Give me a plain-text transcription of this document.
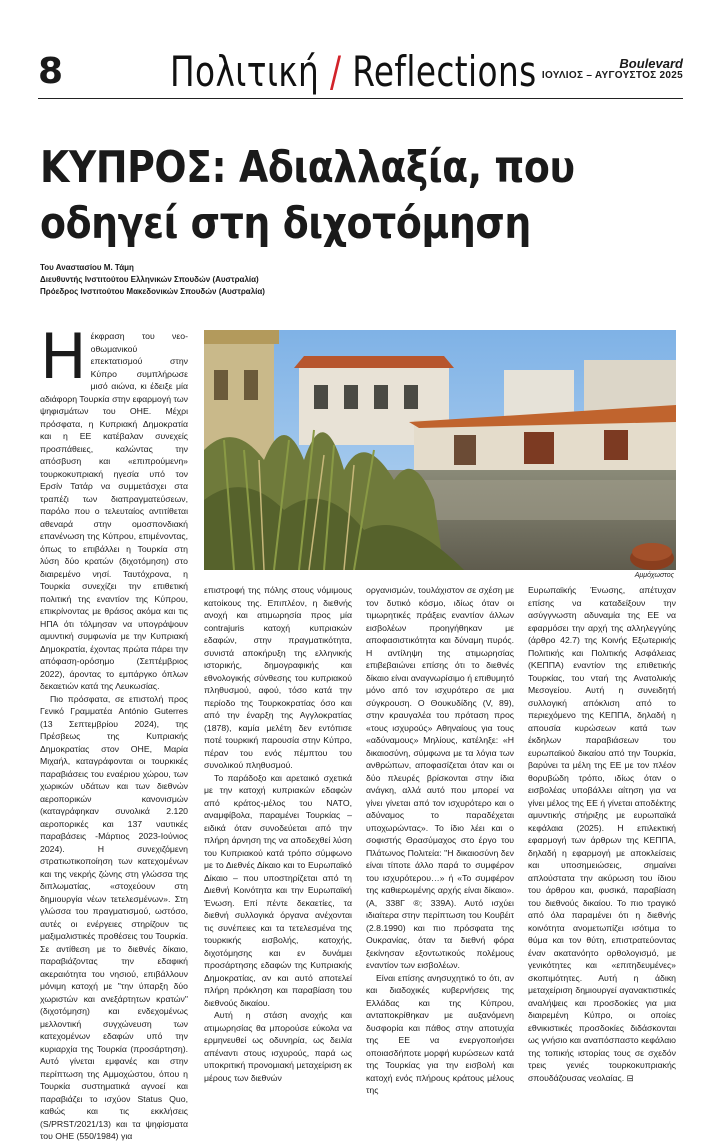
8	Πολιτική / Reflections	Boulevard
ΙΟΥΛΙΟΣ – ΑΥΓΟΥΣΤΟΣ 2025
ΚΥΠΡΟΣ: Αδιαλλαξία, που οδηγεί στη διχοτόμηση
Του Αναστασίου Μ. Τάμη
Διευθυντής Ινστιτούτου Ελληνικών Σπουδών (Αυστραλία)
Πρόεδρος Ινστιτούτου Μακεδονικών Σπουδών (Αυστραλία)
Η έκφραση του νεο-οθωμανικού επεκτατισμού στην Κύπρο συμπλήρωσε μισό αιώνα, κι έδειξε μία αδιάφορη Τουρκία στην εφαρμογή των ψηφισμάτων του ΟΗΕ. Μέχρι πρόσφατα, η Κυπριακή Δημοκρατία και η ΕΕ κατέβαλαν συνεχείς προσπάθειες, καλώντας την απόσβυση και «επιπρούμενη» τουρκοκυπριακή ηγεσία υπό τον Ερσίν Τατάρ να συμμετάσχει στα τραπέζι των διαπραγματεύσεων, παρόλο που ο τελευταίος αντιτίθεται αθεναρά στην ομοσπονδιακή επανένωση της Κύπρου, επιμένοντας, όπως το επιβάλλει η Τουρκία στη λύση δύο κρατών (διχοτόμηση) στο διαιρεμένο νησί. Ταυτόχρονα, η Τουρκία συνεχίζει την επιθετική πολιτική της εναντίον της Κύπρου, επικρίνοντας με θράσος ακόμα και τις ΗΠΑ ότι τόλμησαν να υπογράψουν αμυντική συμφωνία με την Κυπριακή Δημοκρατία, έχοντας πρώτα πάρει την απόφαση-ορόσημο (Σεπτέμβριος 2022), άροντας το εμπάργκο όπλων δεκαετιών κατά της Λευκωσίας.

Πιο πρόσφατα, σε επιστολή προς Γενικό Γραμματέα António Guterres (13 Σεπτεμβρίου 2024), της Πρέσβεως της Κυπριακής Δημοκρατίας στον ΟΗΕ, Μαρία Μιχαήλ, καταγράφονται οι τουρκικές παραβιάσεις του εναέριου χώρου, των χωρικών υδάτων και των διεθνών αεροπορικών κανονισμών (καταγράφηκαν συνολικά 2.120 αεροπορικές και 137 ναυτικές παραβάσεις -Μάρτιος 2023-Ιούνιος 2024). Η συνεχιζόμενη στρατιωτικοποίηση των κατεχομένων και της νεκρής ζώνης στη γλώσσα της διπλωματίας, «στοχεύουν στη δημιουργία νέων τετελεσμένων». Στη γλώσσα του πραγματισμού, ωστόσο, αυτές οι ενέργειες στηρίζουν τις μαξιμαλιστικές προθέσεις του Τουρκία. Σε αντίθεση με το διεθνές δίκαιο, παραβιάζοντας την εδαφική ακεραιότητα του νησιού, επιβάλλουν μόνιμη κατοχή με "την ύπαρξη δύο χωριστών και ανεξάρτητων κρατών" (διχοτόμηση) και ενδεχομένως μελλοντική συγχώνευση των κατεχομένων εδαφών υπό την κυριαρχία της Τουρκία (προσάρτηση). Αυτό γίνεται εμφανές και στην περίπτωση της Αμμοχώστου, όπου η Τουρκία συστηματικά αγνοεί και παραβιάζει το ισχύον Status Quo, καθώς και τις εκκλήσεις (S/PRST/2021/13) και τα ψηφίσματα του ΟΗΕ (550/1984) για

Αμμόχωστος

επιστροφή της πόλης στους νόμιμους κατοίκους της. Επιπλέον, η διεθνής ανοχή και ατιμωρησία προς μία contrajuris κατοχή κυπριακών εδαφών, στην πραγματικότητα, συνιστά αποκήρυξη της ελληνικής ιστορικής, δημογραφικής και εθνολογικής σύνθεσης του κυπριακού πληθυσμού, αφού, τόσο κατά την περίοδο της Τουρκοκρατίας όσο και από την έναρξη της Αγγλοκρατίας (1878), καμία μελέτη δεν εντόπισε ποτέ τουρκική παρουσία στην Κύπρο, πέραν του ενός πέμπτου του συνολικού πληθυσμού.

Το παράδοξο και αρεταικό σχετικά με την κατοχή κυπριακών εδαφών από κράτος-μέλος του ΝΑΤΟ, αναμφίβολα, παραμένει Τουρκίας – ειδικά όταν συνοδεύεται από την πλήρη άρνηση της να αποδεχθεί λύση του Κυπριακού κατά τρόπο σύμφωνο με το Διεθνές Δίκαιο και το Ευρωπαϊκό Δίκαιο – που υποστηρίζεται από τη Διεθνή Κοινότητα και την Ευρωπαϊκή Ένωση. Επί πέντε δεκαετίες, τα διεθνή συλλογικά όργανα ανέχονται τις συνέπειες και τα τετελεσμένα της τουρκικής εισβολής, κατοχής, διχοτόμησης και εν δυνάμει προσάρτησης εδαφών της Κυπριακής Δημοκρατίας, αν και αυτό αποτελεί πλήρη πρόκληση και παραβίαση του διεθνούς δικαίου.

Αυτή η στάση ανοχής και ατιμωρησίας θα μπορούσε εύκολα να ερμηνευθεί ως οδυνηρία, ως δειλία απέναντι στους ισχυρούς, παρά ως υποκριτική προνομιακή μεταχείριση εκ μέρους των διεθνών

οργανισμών, τουλάχιστον σε σχέση με τον δυτικό κόσμο, ιδίως όταν οι τιμωρητικές πράξεις εναντίον άλλων εισβολέων προηγήθηκαν με αποφασιστικότητα και δύναμη πυρός. Η αντίληψη της ατιμωρησίας επιβεβαιώνει επίσης ότι το διεθνές δίκαιο είναι αναγνωρίσιμο ή επιθυμητό μόνο από τον ισχυρότερο σε μια σύγκρουση. Ο Θουκυδίδης (V, 89), στην κραυγαλέα του πρόταση προς «τους ισχυρούς» Αθηναίους για τους «αδύναμους» Μηλίους, κατέληξε: «Η δικαιοσύνη, σύμφωνα με τα λόγια των ανθρώπων, αποφασίζεται όταν και οι δύο πλευρές βρίσκονται στην ίδια ανάγκη, αλλά αυτό που μπορεί να γίνει γίνεται από τον ισχυρότερο και ο αδύναμος το παραδέχεται υποχωρώντας». Το ίδιο λέει και ο σοφιστής Θρασύμαχος στο έργο του Πλάτωνος Πολιτεία: "Η δικαιοσύνη δεν είναι τίποτε άλλο παρά το συμφέρον του ισχυρότερου…» ή «Το συμφέρον της καθιερωμένης αρχής είναι δίκαιο». (Α, 338Γ ®; 339Α). Αυτό ισχύει ιδιαίτερα στην περίπτωση του Κουβέιτ (2.8.1990) και πιο πρόσφατα της Ουκρανίας, όταν τα διεθνή φόρα ξεκίνησαν εξοντωτικούς πολέμους εναντίον των εισβολέων.

Είναι επίσης ανησυχητικό το ότι, αν και διαδοχικές κυβερνήσεις της Ελλάδας και της Κύπρου, ανταποκρίθηκαν με αυξανόμενη δυσφορία και πάθος στην αποτυχία της ΕΕ να ενεργοποιήσει οποιασδήποτε μορφή κυρώσεων κατά της Τουρκίας για την εισβολή και κατοχή ενός πλήρους κράτους μέλους της

Ευρωπαϊκής Ένωσης, απέτυχαν επίσης να καταδείξουν την ασύγγνωστη αδυναμία της ΕΕ να εφαρμόσει την αρχή της αλληλεγγύης (άρθρο 42.7) της Κοινής Εξωτερικής Πολιτικής και Πολιτικής Ασφάλειας (ΚΕΠΠΑ) εναντίον της επιθετικής Τουρκίας, του νταή της Ανατολικής Μεσογείου. Αυτή η συνειδητή συλλογική απόκλιση από το περιεχόμενο της ΚΕΠΠΑ, δηλαδή η απουσία κυρώσεων κατά των έκδηλων παραβιάσεων του ευρωπαϊκού δικαίου από την Τουρκία, βαρύνει τα μέλη της ΕΕ με τον πλέον θορυβώδη τρόπο, ιδίως όταν ο εισβολέας υποβάλλει αίτηση για να γίνει μέλος της ΕΕ ή γίνεται αποδέκτης αμυντικής στήριξης με ευρωπαϊκά κεφάλαια (2025). Η επιλεκτική εφαρμογή των άρθρων της ΚΕΠΠΑ, δηλαδή η εφαρμογή με αποκλείσεις και υποσημειώσεις, σημαίνει απλούστατα την ακύρωση του ίδιου του άρθρου και, φυσικά, παραβίαση του διεθνούς δικαίου. Το πιο τραγικό από όλα παραμένει ότι η διεθνής κοινότητα ανομετωπίζει ισότιμα το θύμα και τον θύτη, επιστρατεύοντας έναν ακατανόητο ορθολογισμό, με γενικότητες και «επιτηδευμένες» σκοπιμότητες. Αυτή η άδικη μεταχείριση δημιουργεί αγανακτιστικές αναλήψεις και προσδοκίες για μια διαιρεμένη Κύπρο, οι οποίες εθνικιστικές προσδοκίες διδάσκονται ως γνήσιο και αναπόσπαστο κεφάλαιο της τοπικής ιστορίας τους σε σχεδόν τρεις γενιές τουρκοκυπριακής σπουδάζουσας νεολαίας. ⊟
